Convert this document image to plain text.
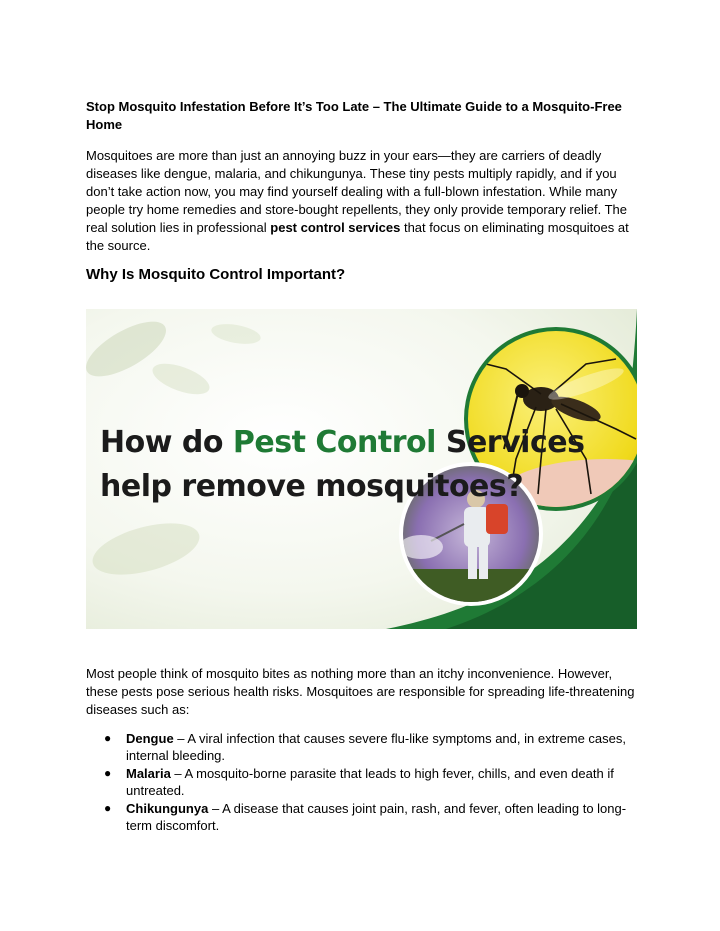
Stop Mosquito Infestation Before It’s Too Late – The Ultimate Guide to a Mosquito-Free Home
Mosquitoes are more than just an annoying buzz in your ears—they are carriers of deadly diseases like dengue, malaria, and chikungunya. These tiny pests multiply rapidly, and if you don’t take action now, you may find yourself dealing with a full-blown infestation. While many people try home remedies and store-bought repellents, they only provide temporary relief. The real solution lies in professional pest control services that focus on eliminating mosquitoes at the source.
Why Is Mosquito Control Important?
How do Pest Control Services
help remove mosquitoes?
Most people think of mosquito bites as nothing more than an itchy inconvenience. However, these pests pose serious health risks. Mosquitoes are responsible for spreading life-threatening diseases such as:
● Dengue – A viral infection that causes severe flu-like symptoms and, in extreme cases, internal bleeding.
● Malaria – A mosquito-borne parasite that leads to high fever, chills, and even death if untreated.
● Chikungunya – A disease that causes joint pain, rash, and fever, often leading to long-term discomfort.
